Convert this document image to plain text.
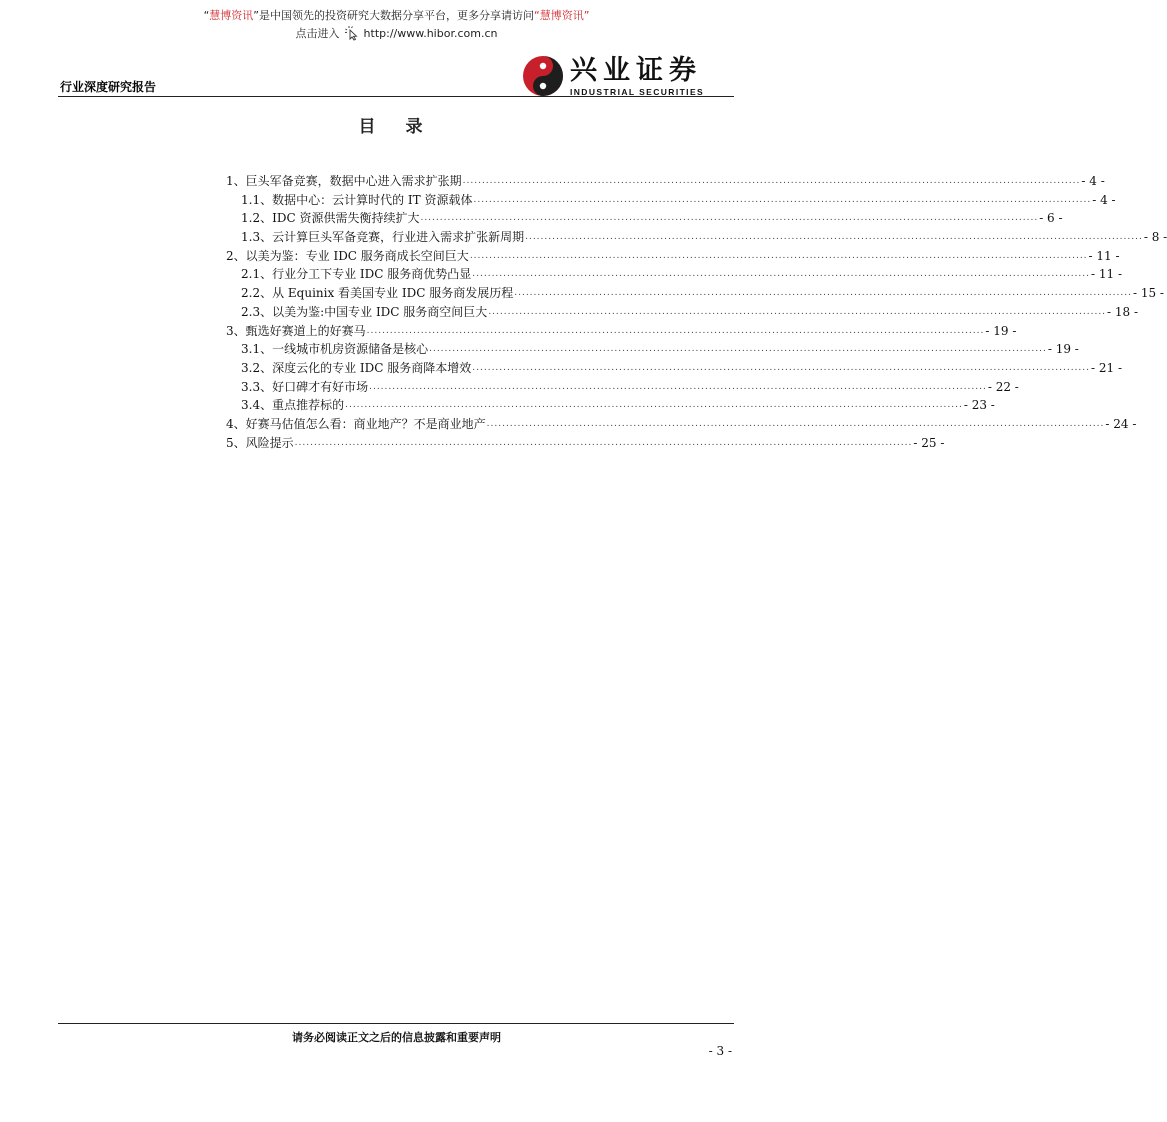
“慧博资讯”是中国领先的投资研究大数据分享平台，更多分享请访问“慧博资讯”
点击进入 http://www.hibor.com.cn
行业深度研究报告
兴业证券
INDUSTRIAL SECURITIES
目 录
1、巨头军备竞赛，数据中心进入需求扩张期 ................................................................................................................................................................ - 4 -
1.1、数据中心：云计算时代的 IT 资源载体 ................................................................................................................................................................ - 4 -
1.2、IDC 资源供需失衡持续扩大 ................................................................................................................................................................ - 6 -
1.3、云计算巨头军备竞赛，行业进入需求扩张新周期 ................................................................................................................................................................ - 8 -
2、以美为鉴：专业 IDC 服务商成长空间巨大 ................................................................................................................................................................ - 11 -
2.1、行业分工下专业 IDC 服务商优势凸显 ................................................................................................................................................................ - 11 -
2.2、从 Equinix 看美国专业 IDC 服务商发展历程 ................................................................................................................................................................ - 15 -
2.3、以美为鉴:中国专业 IDC 服务商空间巨大 ................................................................................................................................................................ - 18 -
3、甄选好赛道上的好赛马 ................................................................................................................................................................ - 19 -
3.1、一线城市机房资源储备是核心 ................................................................................................................................................................ - 19 -
3.2、深度云化的专业 IDC 服务商降本增效 ................................................................................................................................................................ - 21 -
3.3、好口碑才有好市场 ................................................................................................................................................................ - 22 -
3.4、重点推荐标的 ................................................................................................................................................................ - 23 -
4、好赛马估值怎么看：商业地产？不是商业地产 ................................................................................................................................................................ - 24 -
5、风险提示 ................................................................................................................................................................ - 25 -
请务必阅读正文之后的信息披露和重要声明
- 3 -
